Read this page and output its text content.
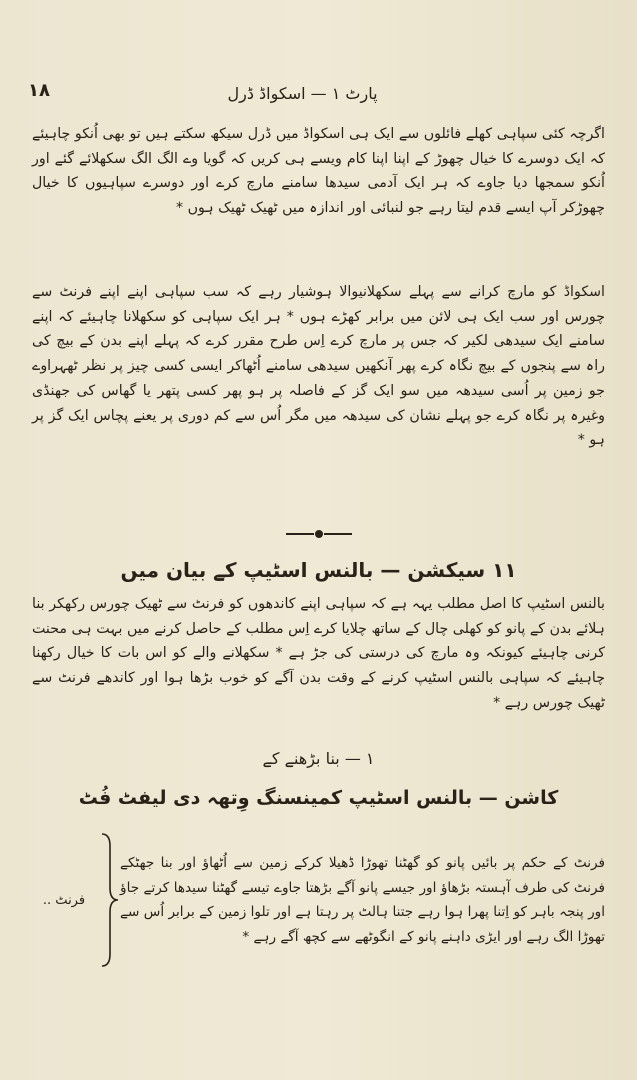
١٨	پارٹ ١ — اسکواڈ ڈرل

اگرچہ کئی سپاہی کھلے فائلوں سے ایک ہی اسکواڈ میں ڈرل سیکھ سکتے ہیں تو بھی اُنکو چاہیئے کہ ایک دوسرے کا خیال چھوڑ کے اپنا اپنا کام ویسے ہی کریں کہ گویا وے الگ الگ سکھلائے گئے اور اُنکو سمجھا دیا جاوے کہ ہر ایک آدمی سیدھا سامنے مارچ کرے اور دوسرے سپاہیوں کا خیال چھوڑکر آپ ایسے قدم لیتا رہے جو لنبائی اور اندازہ میں ٹھیک ٹھیک ہوں *

اسکواڈ کو مارچ کرانے سے پہلے سکھلانیوالا ہوشیار رہے کہ سب سپاہی اپنے اپنے فرنٹ سے چورس اور سب ایک ہی لائن میں برابر کھڑے ہوں * ہر ایک سپاہی کو سکھلانا چاہیئے کہ اپنے سامنے ایک سیدھی لکیر کہ جس پر مارچ کرے اِس طرح مقرر کرے کہ پہلے اپنے بدن کے بیچ کی راہ سے پنجوں کے بیچ نگاہ کرے پھر آنکھیں سیدھی سامنے اُٹھاکر ایسی کسی چیز پر نظر ٹھہراوے جو زمین پر اُسی سیدھہ میں سو ایک گز کے فاصلہ پر ہو پھر کسی پتھر یا گھاس کی جھنڈی وغیرہ پر نگاہ کرے جو پہلے نشان کی سیدھہ میں مگر اُس سے کم دوری پر یعنے پچاس ایک گز پر ہو *

١١ سیکشن — بالنس اسٹیپ کے بیان میں

بالنس اسٹیپ کا اصل مطلب یہہ ہے کہ سپاہی اپنے کاندھوں کو فرنٹ سے ٹھیک چورس رکھکر بنا ہلائے بدن کے پانو کو کھلی چال کے ساتھ چلایا کرے اِس مطلب کے حاصل کرنے میں بہت ہی محنت کرنی چاہیئے کیونکہ وہ مارچ کی درستی کی جڑ ہے * سکھلانے والے کو اس بات کا خیال رکھنا چاہیئے کہ سپاہی بالنس اسٹیپ کرنے کے وقت بدن آگے کو خوب بڑھا ہوا اور کاندھے فرنٹ سے ٹھیک چورس رہے *

١ — بنا بڑھنے کے
کاشن — بالنس اسٹیپ کمینسنگ وِتھہ دی لیفٹ فُٹ
فرنٹ کے حکم پر بائیں پانو کو گھٹنا تھوڑا ڈھیلا کرکے زمین سے اُٹھاؤ اور بنا جھٹکے فرنٹ کی طرف آہستہ بڑھاؤ اور جیسے پانو آگے بڑھتا جاوے تیسے گھٹنا سیدھا کرتے جاؤ اور پنجہ باہر کو اِتنا پھرا ہوا رہے جتنا ہالٹ پر رہتا ہے اور تلوا زمین کے برابر اُس سے تھوڑا الگ رہے اور ایڑی داہنے پانو کے انگوٹھے سے کچھ آگے رہے *
فرنٹ ..
